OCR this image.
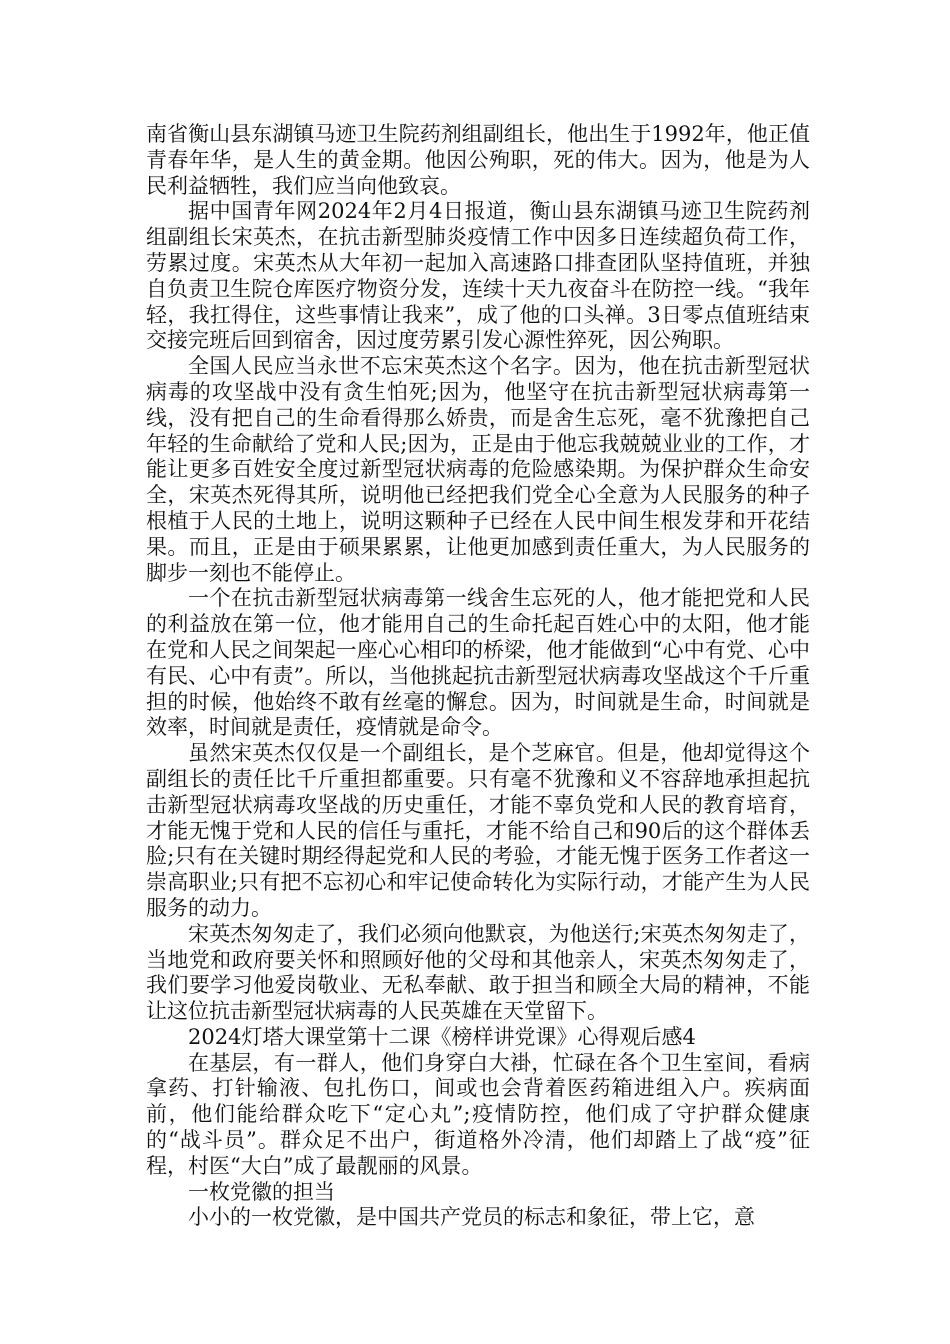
南省衡山县东湖镇马迹卫生院药剂组副组长，他出生于1992年，他正值青春年华，是人生的黄金期。他因公殉职，死的伟大。因为，他是为人民利益牺牲，我们应当向他致哀。

据中国青年网2024年2月4日报道，衡山县东湖镇马迹卫生院药剂组副组长宋英杰，在抗击新型肺炎疫情工作中因多日连续超负荷工作，劳累过度。宋英杰从大年初一起加入高速路口排查团队坚持值班，并独自负责卫生院仓库医疗物资分发，连续十天九夜奋斗在防控一线。“我年轻，我扛得住，这些事情让我来”，成了他的口头禅。3日零点值班结束交接完班后回到宿舍，因过度劳累引发心源性猝死，因公殉职。

全国人民应当永世不忘宋英杰这个名字。因为，他在抗击新型冠状病毒的攻坚战中没有贪生怕死;因为，他坚守在抗击新型冠状病毒第一线，没有把自己的生命看得那么娇贵，而是舍生忘死，毫不犹豫把自己年轻的生命献给了党和人民;因为，正是由于他忘我兢兢业业的工作，才能让更多百姓安全度过新型冠状病毒的危险感染期。为保护群众生命安全，宋英杰死得其所，说明他已经把我们党全心全意为人民服务的种子根植于人民的土地上，说明这颗种子已经在人民中间生根发芽和开花结果。而且，正是由于硕果累累，让他更加感到责任重大，为人民服务的脚步一刻也不能停止。

一个在抗击新型冠状病毒第一线舍生忘死的人，他才能把党和人民的利益放在第一位，他才能用自己的生命托起百姓心中的太阳，他才能在党和人民之间架起一座心心相印的桥梁，他才能做到“心中有党、心中有民、心中有责”。所以，当他挑起抗击新型冠状病毒攻坚战这个千斤重担的时候，他始终不敢有丝毫的懈怠。因为，时间就是生命，时间就是效率，时间就是责任，疫情就是命令。

虽然宋英杰仅仅是一个副组长，是个芝麻官。但是，他却觉得这个副组长的责任比千斤重担都重要。只有毫不犹豫和义不容辞地承担起抗击新型冠状病毒攻坚战的历史重任，才能不辜负党和人民的教育培育，才能无愧于党和人民的信任与重托，才能不给自己和90后的这个群体丢脸;只有在关键时期经得起党和人民的考验，才能无愧于医务工作者这一崇高职业;只有把不忘初心和牢记使命转化为实际行动，才能产生为人民服务的动力。

宋英杰匆匆走了，我们必须向他默哀，为他送行;宋英杰匆匆走了，当地党和政府要关怀和照顾好他的父母和其他亲人，宋英杰匆匆走了，我们要学习他爱岗敬业、无私奉献、敢于担当和顾全大局的精神，不能让这位抗击新型冠状病毒的人民英雄在天堂留下。

2024灯塔大课堂第十二课《榜样讲党课》心得观后感4

在基层，有一群人，他们身穿白大褂，忙碌在各个卫生室间，看病拿药、打针输液、包扎伤口，间或也会背着医药箱进组入户。疾病面前，他们能给群众吃下“定心丸”;疫情防控，他们成了守护群众健康的“战斗员”。群众足不出户，街道格外冷清，他们却踏上了战“疫”征程，村医“大白”成了最靓丽的风景。

一枚党徽的担当

小小的一枚党徽，是中国共产党员的标志和象征，带上它，意
